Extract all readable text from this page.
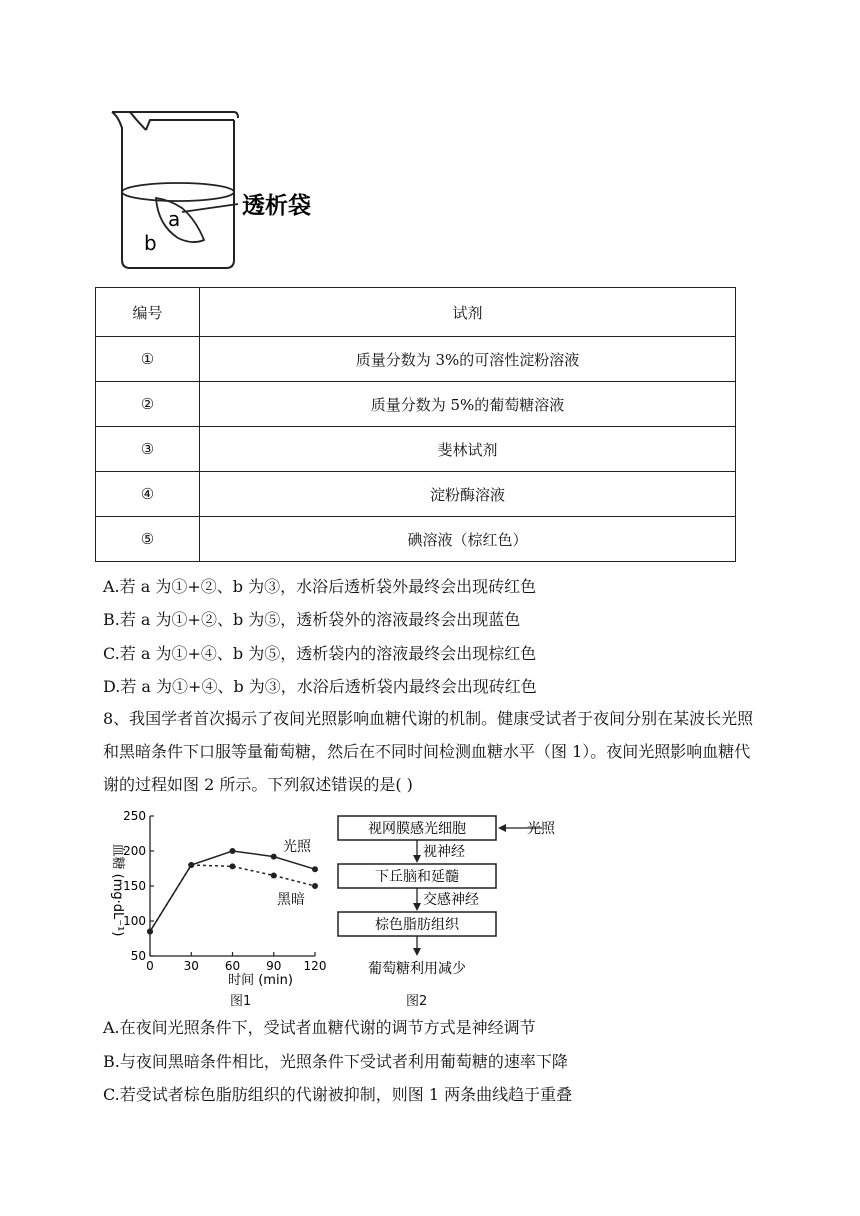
a
b
透析袋
编号	试剂
①	质量分数为 3%的可溶性淀粉溶液
②	质量分数为 5%的葡萄糖溶液
③	斐林试剂
④	淀粉酶溶液
⑤	碘溶液（棕红色）
A.若 a 为①+②、b 为③，水浴后透析袋外最终会出现砖红色
B.若 a 为①+②、b 为⑤，透析袋外的溶液最终会出现蓝色
C.若 a 为①+④、b 为⑤，透析袋内的溶液最终会出现棕红色
D.若 a 为①+④、b 为③，水浴后透析袋内最终会出现砖红色
8、我国学者首次揭示了夜间光照影响血糖代谢的机制。健康受试者于夜间分别在某波长光照和黑暗条件下口服等量葡萄糖，然后在不同时间检测血糖水平（图 1）。夜间光照影响血糖代谢的过程如图 2 所示。下列叙述错误的是( )
50
100
150
200
250
0 30 60 90 120
时间 (min)
血糖 (mg·dL⁻¹)	光照
黑暗
图1
视网膜感光细胞	光照
视神经
下丘脑和延髓
交感神经
棕色脂肪组织
葡萄糖利用减少
图2
A.在夜间光照条件下，受试者血糖代谢的调节方式是神经调节
B.与夜间黑暗条件相比，光照条件下受试者利用葡萄糖的速率下降
C.若受试者棕色脂肪组织的代谢被抑制，则图 1 两条曲线趋于重叠
